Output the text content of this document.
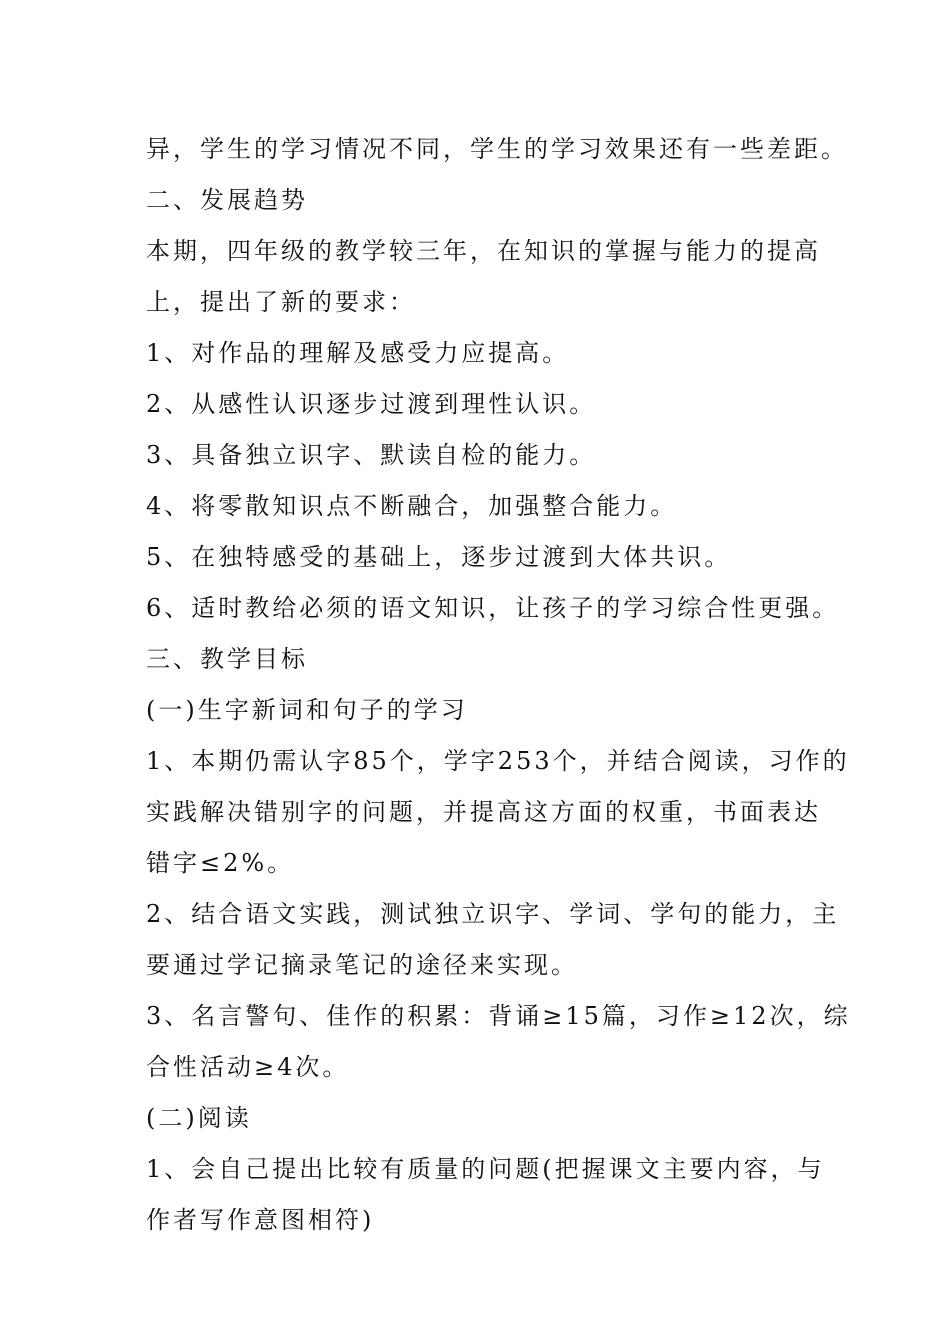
异，学生的学习情况不同，学生的学习效果还有一些差距。
二、发展趋势
本期，四年级的教学较三年，在知识的掌握与能力的提高
上，提出了新的要求：
1、对作品的理解及感受力应提高。
2、从感性认识逐步过渡到理性认识。
3、具备独立识字、默读自检的能力。
4、将零散知识点不断融合，加强整合能力。
5、在独特感受的基础上，逐步过渡到大体共识。
6、适时教给必须的语文知识，让孩子的学习综合性更强。
三、教学目标
(一)生字新词和句子的学习
1、本期仍需认字85个，学字253个，并结合阅读，习作的
实践解决错别字的问题，并提高这方面的权重，书面表达
错字≤2%。
2、结合语文实践，测试独立识字、学词、学句的能力，主
要通过学记摘录笔记的途径来实现。
3、名言警句、佳作的积累：背诵≥15篇，习作≥12次，综
合性活动≥4次。
(二)阅读
1、会自己提出比较有质量的问题(把握课文主要内容，与
作者写作意图相符)
